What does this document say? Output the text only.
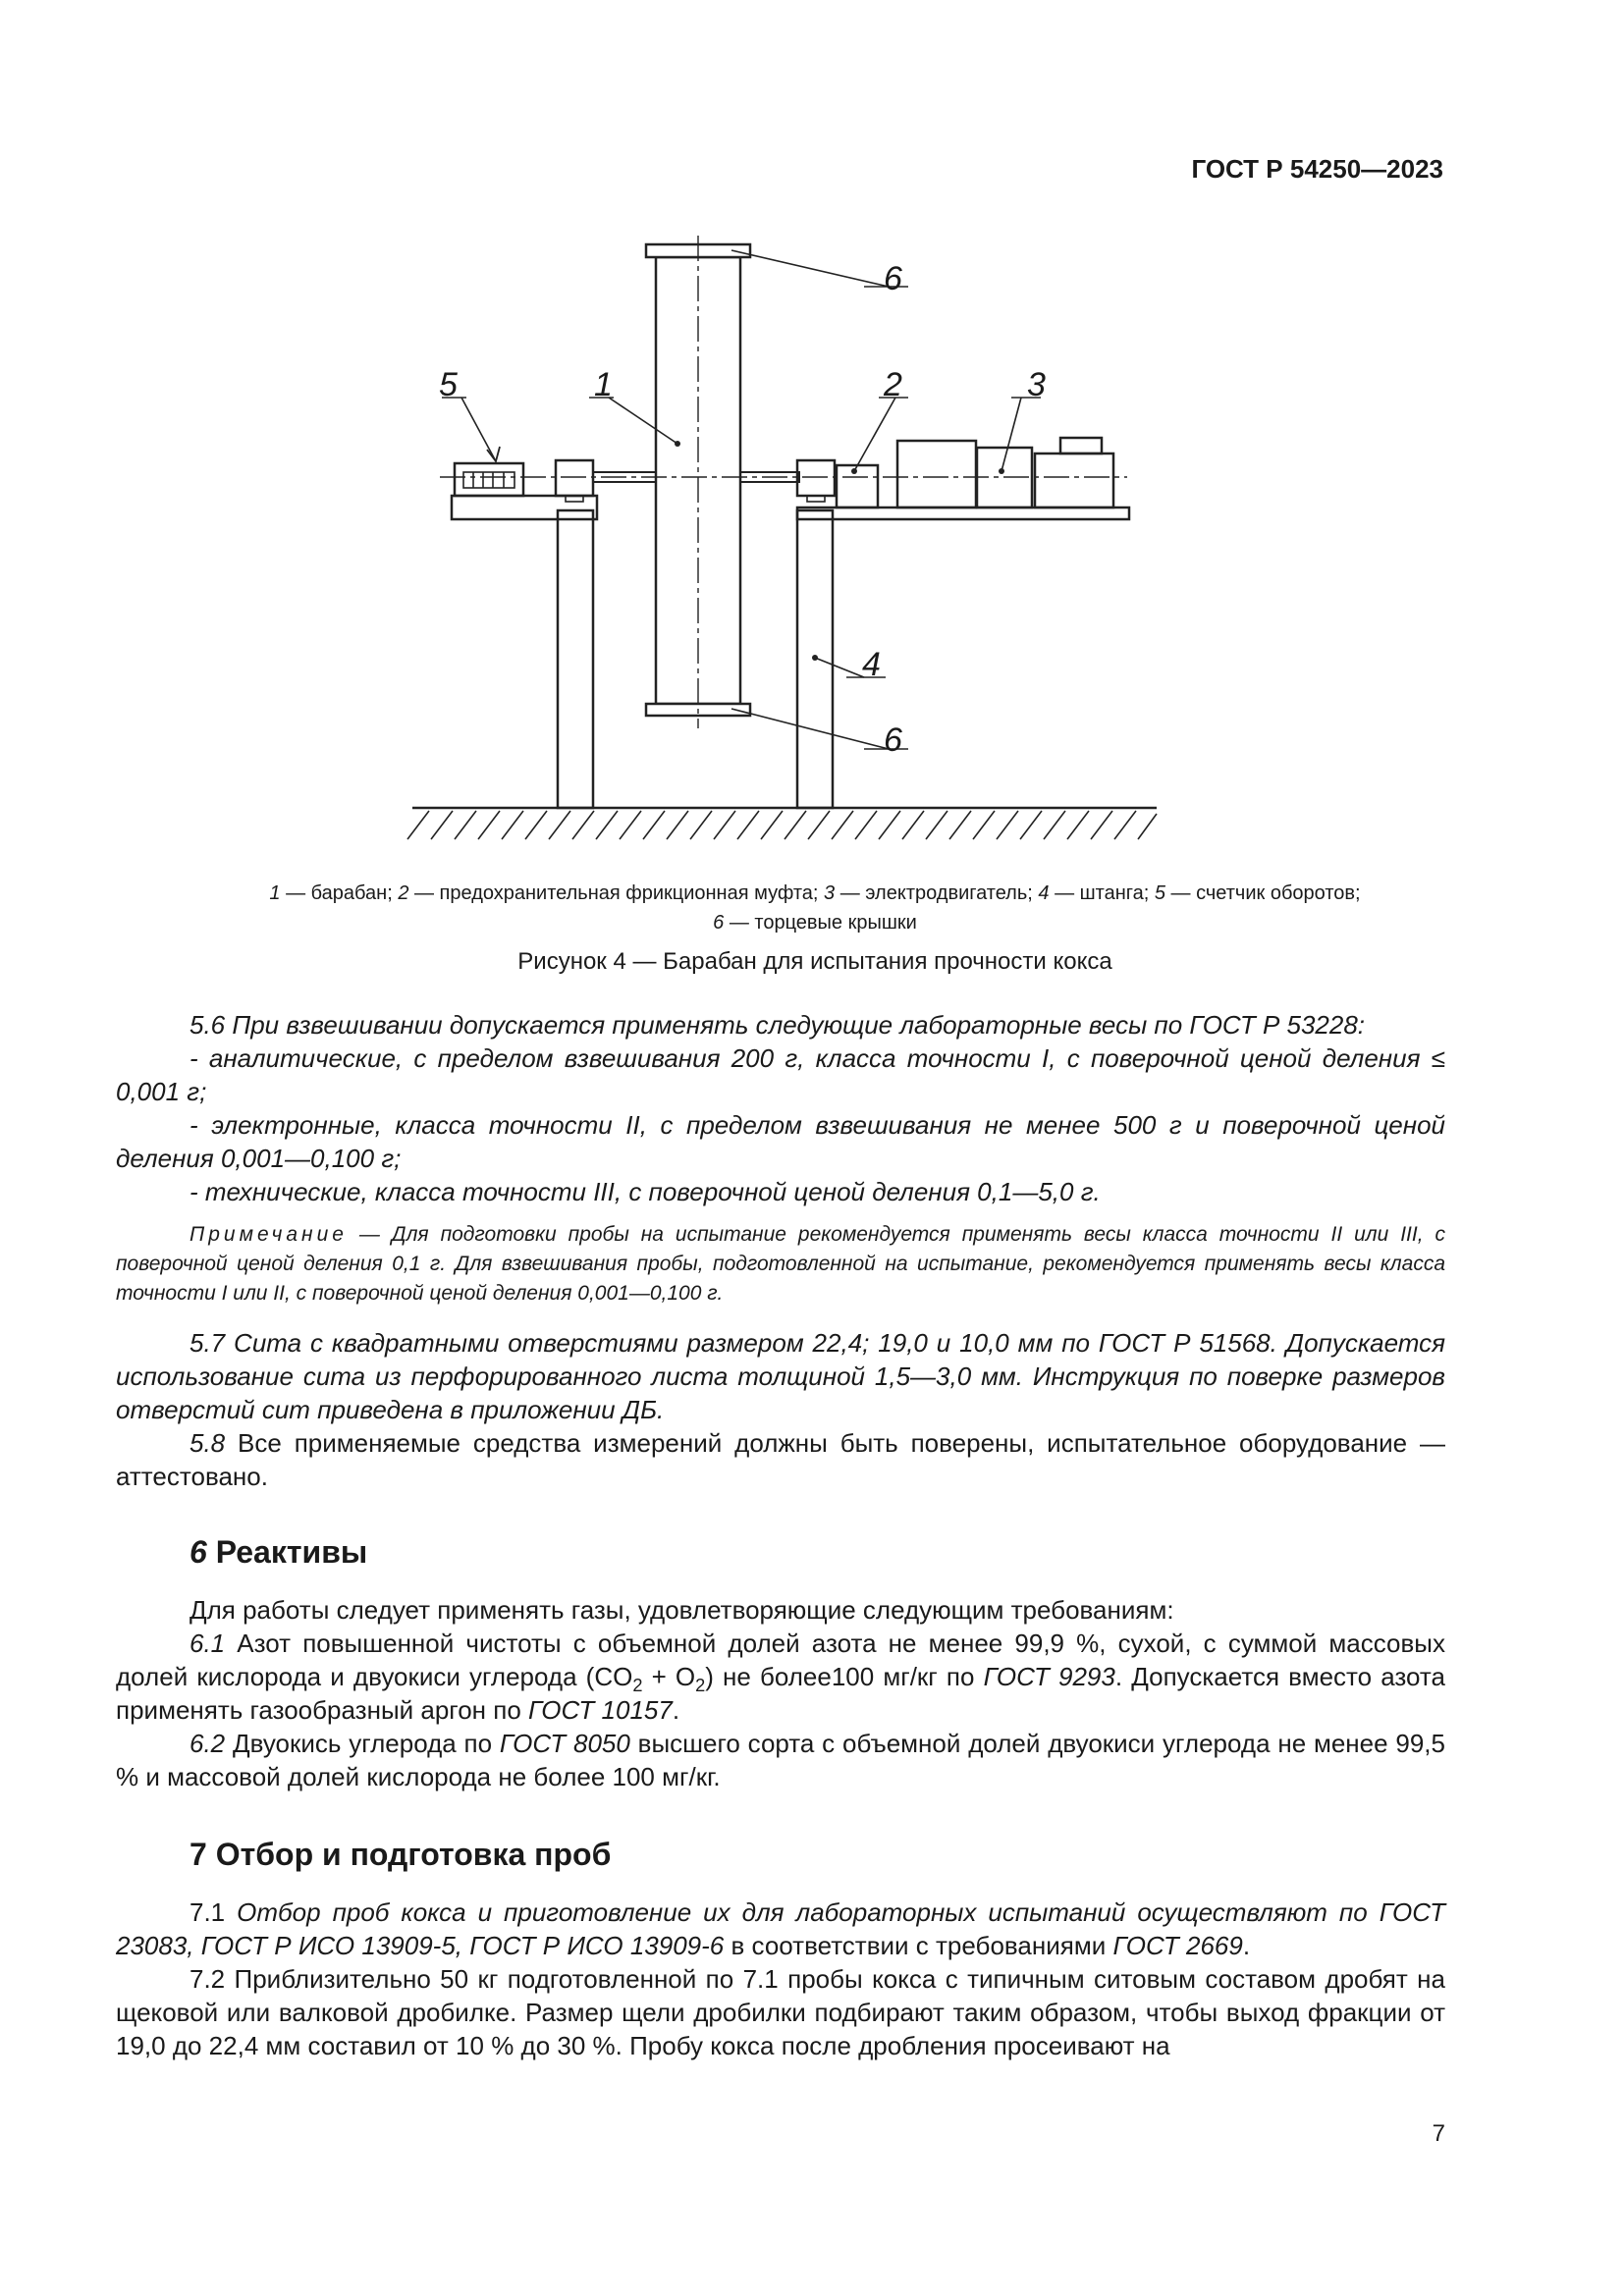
ГОСТ Р 54250—2023
6
5	1	2	3
4
6
1 — барабан; 2 — предохранительная фрикционная муфта; 3 — электродвигатель; 4 — штанга; 5 — счетчик оборотов;
6 — торцевые крышки
Рисунок 4 — Барабан для испытания прочности кокса

5.6 При взвешивании допускается применять следующие лабораторные весы по ГОСТ Р 53228:

- аналитические, с пределом взвешивания 200 г, класса точности I, с поверочной ценой деления ≤ 0,001 г;

- электронные, класса точности II, с пределом взвешивания не менее 500 г и поверочной ценой деления 0,001—0,100 г;

- технические, класса точности III, с поверочной ценой деления 0,1—5,0 г.

Примечание — Для подготовки пробы на испытание рекомендуется применять весы класса точности II или III, с поверочной ценой деления 0,1 г. Для взвешивания пробы, подготовленной на испытание, рекомендуется применять весы класса точности I или II, с поверочной ценой деления 0,001—0,100 г.

5.7 Сита с квадратными отверстиями размером 22,4; 19,0 и 10,0 мм по ГОСТ Р 51568. Допускается использование сита из перфорированного листа толщиной 1,5—3,0 мм. Инструкция по поверке размеров отверстий сит приведена в приложении ДБ.

5.8 Все применяемые средства измерений должны быть поверены, испытательное оборудование — аттестовано.

6 Реактивы

Для работы следует применять газы, удовлетворяющие следующим требованиям:

6.1 Азот повышенной чистоты с объемной долей азота не менее 99,9 %, сухой, с суммой массовых долей кислорода и двуокиси углерода $(CO_2 + O_2)$ не более100 мг/кг по ГОСТ 9293. Допускается вместо азота применять газообразный аргон по ГОСТ 10157.

6.2 Двуокись углерода по ГОСТ 8050 высшего сорта с объемной долей двуокиси углерода не менее 99,5 % и массовой долей кислорода не более 100 мг/кг.

7 Отбор и подготовка проб

7.1 Отбор проб кокса и приготовление их для лабораторных испытаний осуществляют по ГОСТ 23083, ГОСТ Р ИСО 13909-5, ГОСТ Р ИСО 13909-6 в соответствии с требованиями ГОСТ 2669.

7.2 Приблизительно 50 кг подготовленной по 7.1 пробы кокса с типичным ситовым составом дробят на щековой или валковой дробилке. Размер щели дробилки подбирают таким образом, чтобы выход фракции от 19,0 до 22,4 мм составил от 10 % до 30 %. Пробу кокса после дробления просеивают на

7
